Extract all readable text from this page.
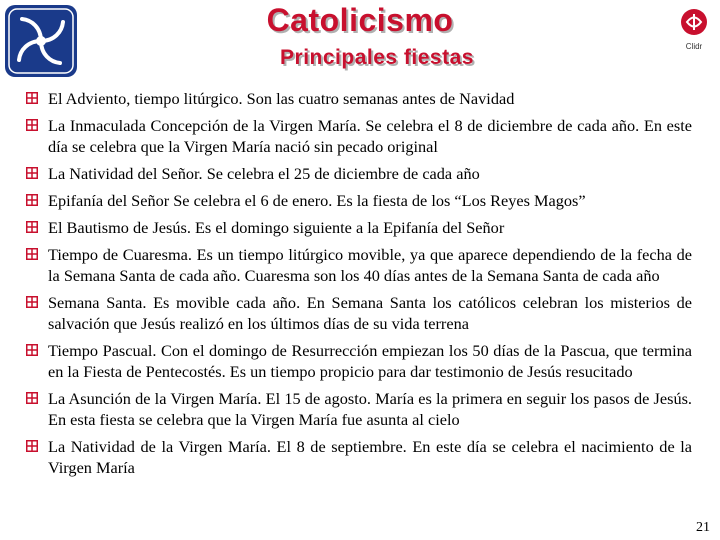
Catolicismo
Principales fiestas	Clidr
El Adviento, tiempo litúrgico. Son las cuatro semanas antes de Navidad
La Inmaculada Concepción de la Virgen María. Se celebra el 8 de diciembre de cada año. En este día se celebra que la Virgen María nació sin pecado original
La Natividad del Señor. Se celebra el 25 de diciembre de cada año
Epifanía del Señor Se celebra el 6 de enero. Es la fiesta de los “Los Reyes Magos”
El Bautismo de Jesús. Es el domingo siguiente a la Epifanía del Señor
Tiempo de Cuaresma. Es un tiempo litúrgico movible, ya que aparece dependiendo de la fecha de la Semana Santa de cada año. Cuaresma son los 40 días antes de la Semana Santa de cada año
Semana Santa. Es movible cada año. En Semana Santa los católicos celebran los misterios de salvación que Jesús realizó en los últimos días de su vida terrena
Tiempo Pascual. Con el domingo de Resurrección empiezan los 50 días de la Pascua, que termina en la Fiesta de Pentecostés. Es un tiempo propicio para dar testimonio de Jesús resucitado
La Asunción de la Virgen María. El 15 de agosto. María es la primera en seguir los pasos de Jesús. En esta fiesta se celebra que la Virgen María fue asunta al cielo
La Natividad de la Virgen María. El 8 de septiembre. En este día se celebra el nacimiento de la Virgen María
21
